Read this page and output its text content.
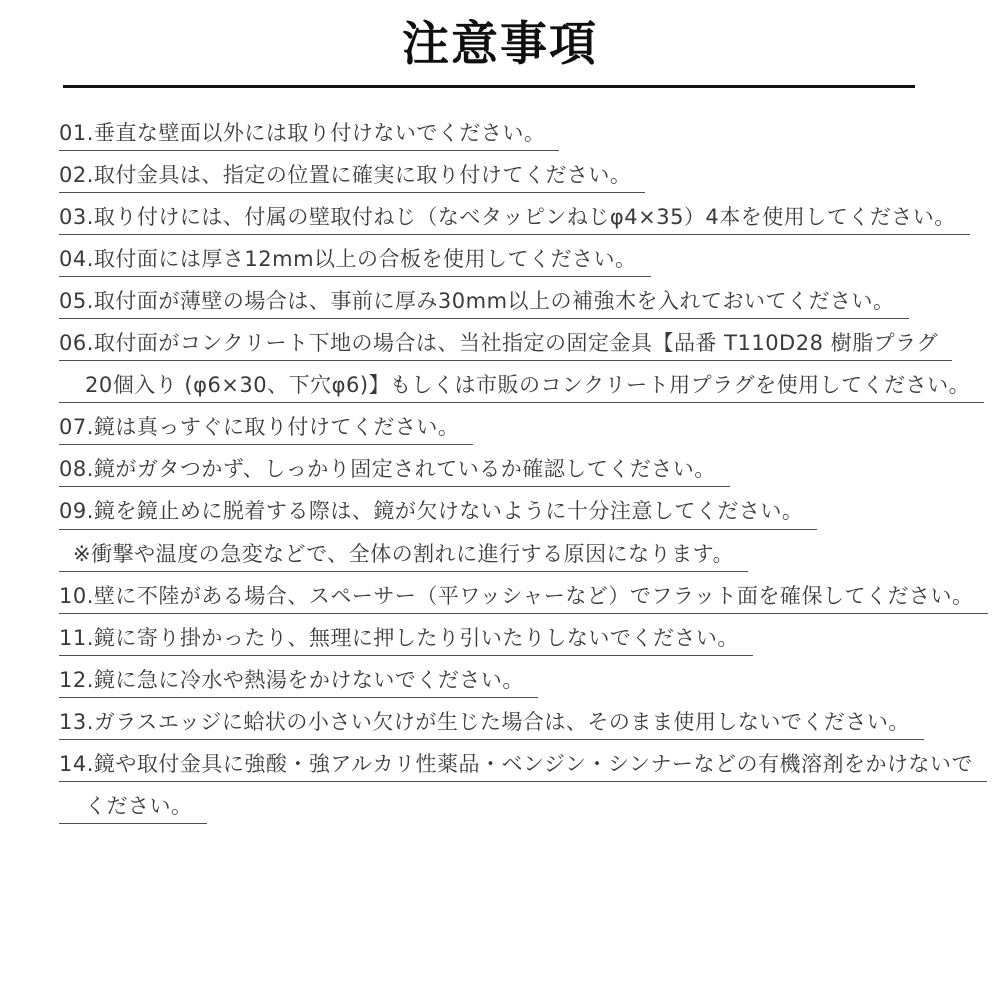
注意事項
01.垂直な壁面以外には取り付けないでください。
02.取付金具は、指定の位置に確実に取り付けてください。
03.取り付けには、付属の壁取付ねじ（なべタッピンねじφ4×35）4本を使用してください。
04.取付面には厚さ12mm以上の合板を使用してください。
05.取付面が薄壁の場合は、事前に厚み30mm以上の補強木を入れておいてください。
06.取付面がコンクリート下地の場合は、当社指定の固定金具【品番 T110D28 樹脂プラグ
20個入り (φ6×30、下穴φ6)】もしくは市販のコンクリート用プラグを使用してください。
07.鏡は真っすぐに取り付けてください。
08.鏡がガタつかず、しっかり固定されているか確認してください。
09.鏡を鏡止めに脱着する際は、鏡が欠けないように十分注意してください。
※衝撃や温度の急変などで、全体の割れに進行する原因になります。
10.壁に不陸がある場合、スペーサー（平ワッシャーなど）でフラット面を確保してください。
11.鏡に寄り掛かったり、無理に押したり引いたりしないでください。
12.鏡に急に冷水や熱湯をかけないでください。
13.ガラスエッジに蛤状の小さい欠けが生じた場合は、そのまま使用しないでください。
14.鏡や取付金具に強酸・強アルカリ性薬品・ベンジン・シンナーなどの有機溶剤をかけないで
ください。
